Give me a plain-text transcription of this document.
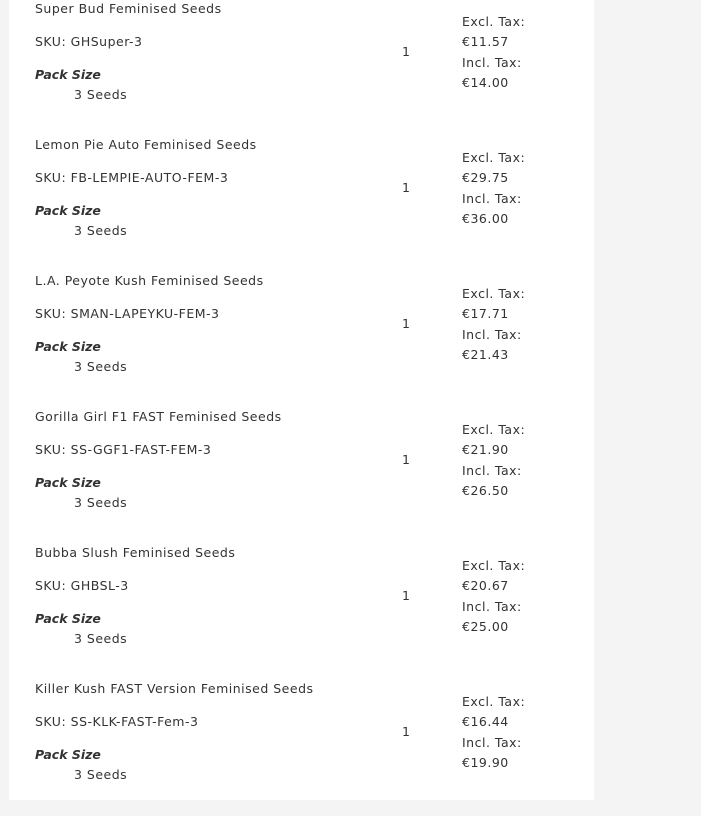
Super Bud Feminised Seeds
SKU: GHSuper-3
Pack Size
3 Seeds
1
Excl. Tax:
€11.57
Incl. Tax:
€14.00
Lemon Pie Auto Feminised Seeds
SKU: FB-LEMPIE-AUTO-FEM-3
Pack Size
3 Seeds
1
Excl. Tax:
€29.75
Incl. Tax:
€36.00
L.A. Peyote Kush Feminised Seeds
SKU: SMAN-LAPEYKU-FEM-3
Pack Size
3 Seeds
1
Excl. Tax:
€17.71
Incl. Tax:
€21.43
Gorilla Girl F1 FAST Feminised Seeds
SKU: SS-GGF1-FAST-FEM-3
Pack Size
3 Seeds
1
Excl. Tax:
€21.90
Incl. Tax:
€26.50
Bubba Slush Feminised Seeds
SKU: GHBSL-3
Pack Size
3 Seeds
1
Excl. Tax:
€20.67
Incl. Tax:
€25.00
Killer Kush FAST Version Feminised Seeds
SKU: SS-KLK-FAST-Fem-3
Pack Size
3 Seeds
1
Excl. Tax:
€16.44
Incl. Tax:
€19.90
